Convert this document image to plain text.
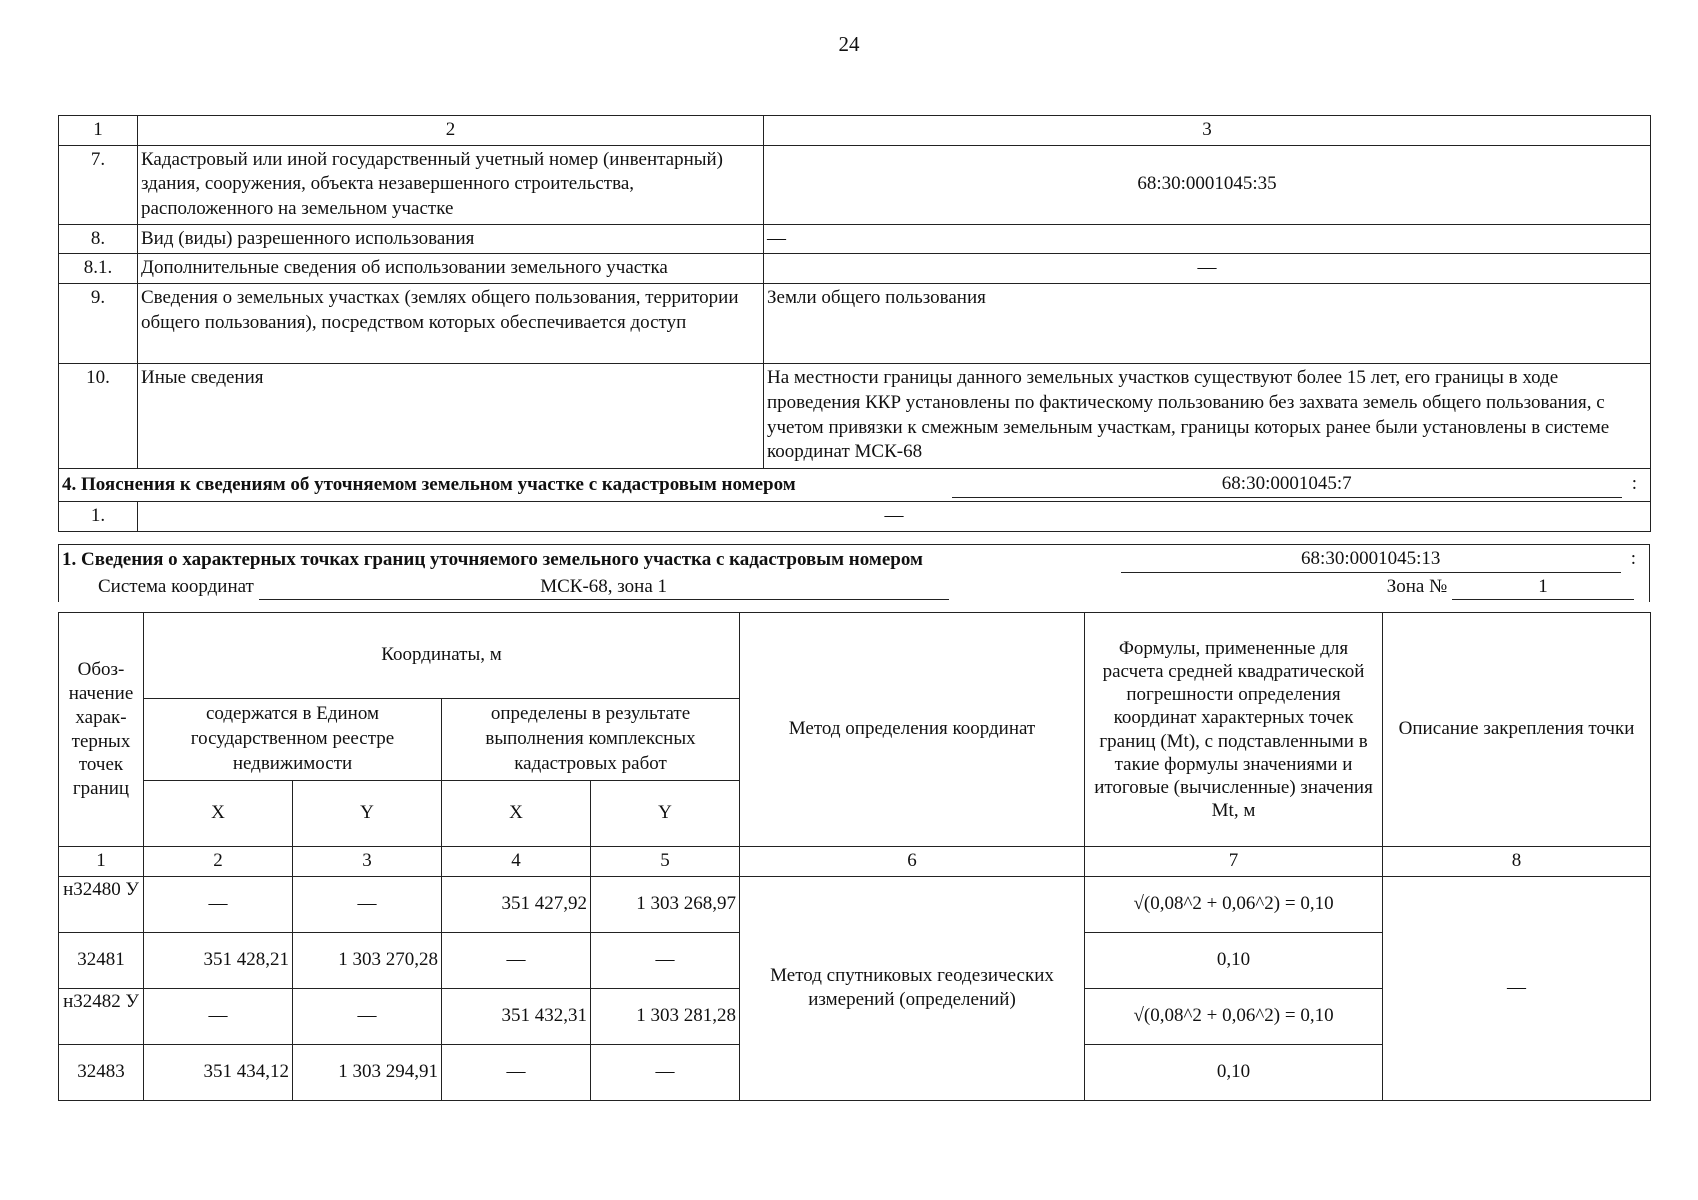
24
1	2	3
7.	Кадастровый или иной государственный учетный номер (инвентарный) здания, сооружения, объекта незавершенного строительства, расположенного на земельном участке	68:30:0001045:35
8.	Вид (виды) разрешенного использования	—
8.1.	Дополнительные сведения об использовании земельного участка	—
9.	Сведения о земельных участках (землях общего пользования, территории общего пользования), посредством которых обеспечивается доступ	Земли общего пользования
10.	Иные сведения	На местности границы данного земельных участков существуют более 15 лет, его границы в ходе проведения ККР установлены по фактическому пользованию без захвата земель общего пользования, с учетом привязки к смежным земельным участкам, границы которых ранее были установлены в системе координат МСК-68

4. Пояснения к сведениям об уточняемом земельном участке с кадастровым номером 68:30:0001045:7 :		

1.	—	
1. Сведения о характерных точках границ уточняемого земельного участка с кадастровым номером	68:30:0001045:13	:
Система координат	МСК-68, зона 1	Зона №	1
Обоз-начение харак-терных точек границ	Координаты, м				Метод определения координат	Формулы, примененные для расчета средней квадратической погрешности определения координат характерных точек границ (Mt), с подставленными в такие формулы значениями и итоговые (вычисленные) значения Mt, м	Описание закрепления точки
	содержатся в Едином государственном реестре недвижимости		определены в результате выполнения комплексных кадастровых работ				
	X	Y	X	Y			
1	2	3	4	5	6	7	8
н32480 У	—	—	351 427,92	1 303 268,97	Метод спутниковых геодезических измерений (определений)	√(0,08^2 + 0,06^2) = 0,10	—
32481	351 428,21	1 303 270,28	—	—		0,10	
н32482 У	—	—	351 432,31	1 303 281,28		√(0,08^2 + 0,06^2) = 0,10	
32483	351 434,12	1 303 294,91	—	—		0,10	
